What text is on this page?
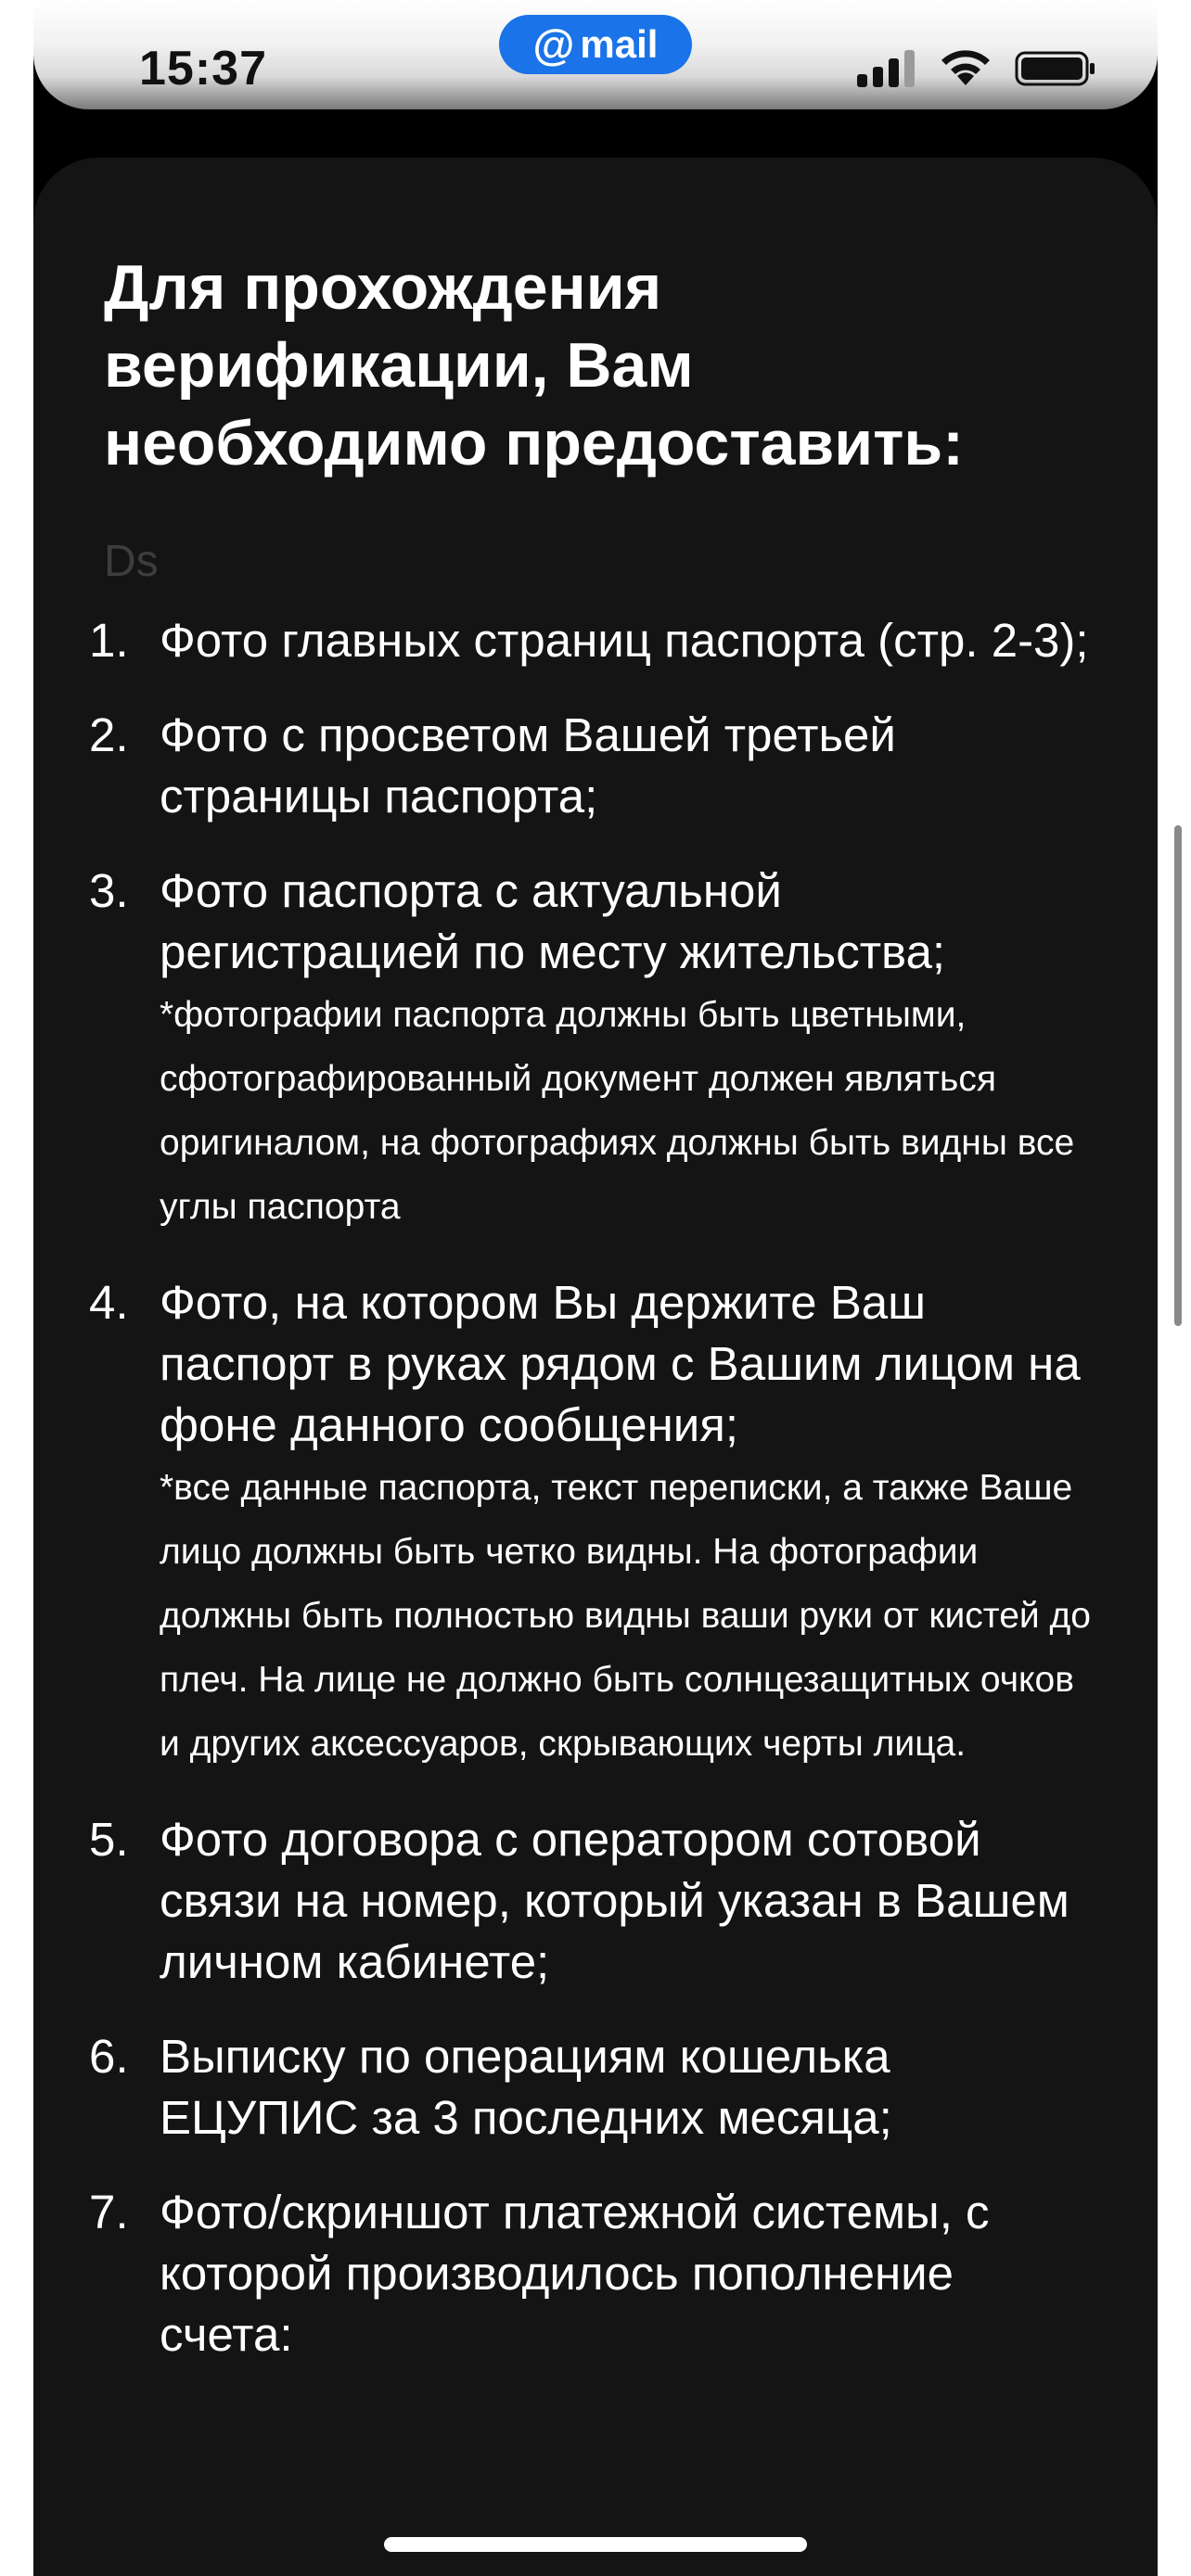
15:37	@ mail
Для прохождения верификации, Вам необходимо предоставить:
Ds
1. Фото главных страниц паспорта (стр. 2-3);
2. Фото с просветом Вашей третьей страницы паспорта;
3. Фото паспорта с актуальной регистрацией по месту жительства;
*фотографии паспорта должны быть цветными, сфотографированный документ должен являться оригиналом, на фотографиях должны быть видны все углы паспорта
4. Фото, на котором Вы держите Ваш паспорт в руках рядом с Вашим лицом на фоне данного сообщения;
*все данные паспорта, текст переписки, а также Ваше лицо должны быть четко видны. На фотографии должны быть полностью видны ваши руки от кистей до плеч. На лице не должно быть солнцезащитных очков и других аксессуаров, скрывающих черты лица.
5. Фото договора с оператором сотовой связи на номер, который указан в Вашем личном кабинете;
6. Выписку по операциям кошелька ЕЦУПИС за 3 последних месяца;
7. Фото/скриншот платежной системы, с которой производилось пополнение счета:
